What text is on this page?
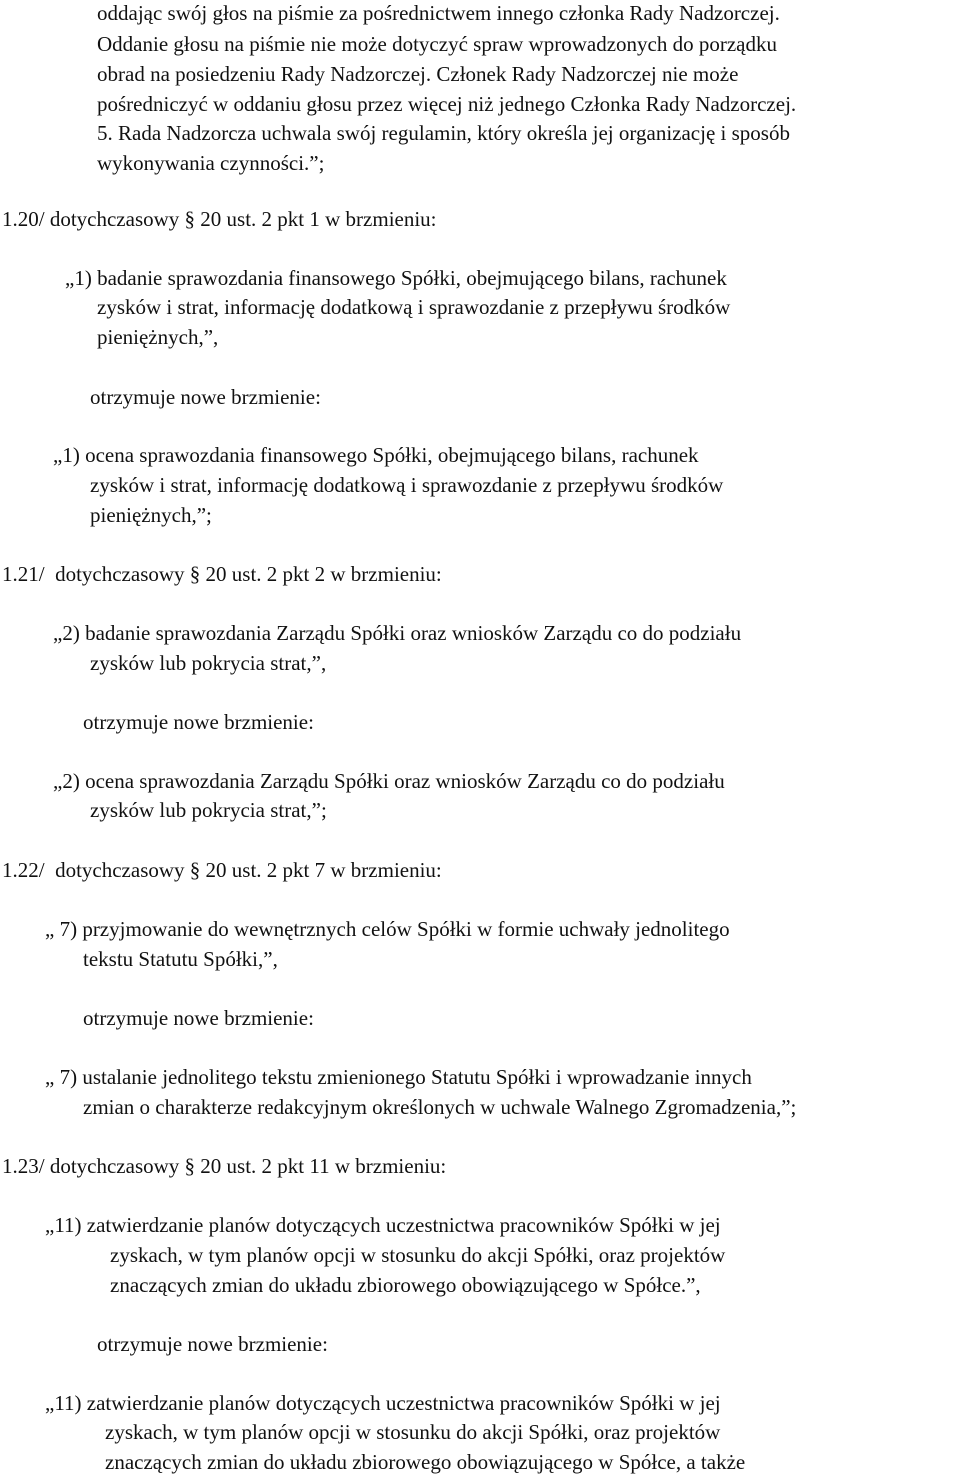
oddając swój głos na piśmie za pośrednictwem innego członka Rady Nadzorczej.
Oddanie głosu na piśmie nie może dotyczyć spraw wprowadzonych do porządku
obrad na posiedzeniu Rady Nadzorczej. Członek Rady Nadzorczej nie może
pośredniczyć w oddaniu głosu przez więcej niż jednego Członka Rady Nadzorczej.
5. Rada Nadzorcza uchwala swój regulamin, który określa jej organizację i sposób
wykonywania czynności.”;
1.20/ dotychczasowy § 20 ust. 2 pkt 1 w brzmieniu:
„1) badanie sprawozdania finansowego Spółki, obejmującego bilans, rachunek
zysków i strat, informację dodatkową i sprawozdanie z przepływu środków
pieniężnych,”,
otrzymuje nowe brzmienie:
„1) ocena sprawozdania finansowego Spółki, obejmującego bilans, rachunek
zysków i strat, informację dodatkową i sprawozdanie z przepływu środków
pieniężnych,”;
1.21/  dotychczasowy § 20 ust. 2 pkt 2 w brzmieniu:
„2) badanie sprawozdania Zarządu Spółki oraz wniosków Zarządu co do podziału
zysków lub pokrycia strat,”,
otrzymuje nowe brzmienie:
„2) ocena sprawozdania Zarządu Spółki oraz wniosków Zarządu co do podziału
zysków lub pokrycia strat,”;
1.22/  dotychczasowy § 20 ust. 2 pkt 7 w brzmieniu:
„ 7) przyjmowanie do wewnętrznych celów Spółki w formie uchwały jednolitego
tekstu Statutu Spółki,”,
otrzymuje nowe brzmienie:
„ 7) ustalanie jednolitego tekstu zmienionego Statutu Spółki i wprowadzanie innych
zmian o charakterze redakcyjnym określonych w uchwale Walnego Zgromadzenia,”;
1.23/ dotychczasowy § 20 ust. 2 pkt 11 w brzmieniu:
„11) zatwierdzanie planów dotyczących uczestnictwa pracowników Spółki w jej
zyskach, w tym planów opcji w stosunku do akcji Spółki, oraz projektów
znaczących zmian do układu zbiorowego obowiązującego w Spółce.”,
otrzymuje nowe brzmienie:
„11) zatwierdzanie planów dotyczących uczestnictwa pracowników Spółki w jej
zyskach, w tym planów opcji w stosunku do akcji Spółki, oraz projektów
znaczących zmian do układu zbiorowego obowiązującego w Spółce, a także
